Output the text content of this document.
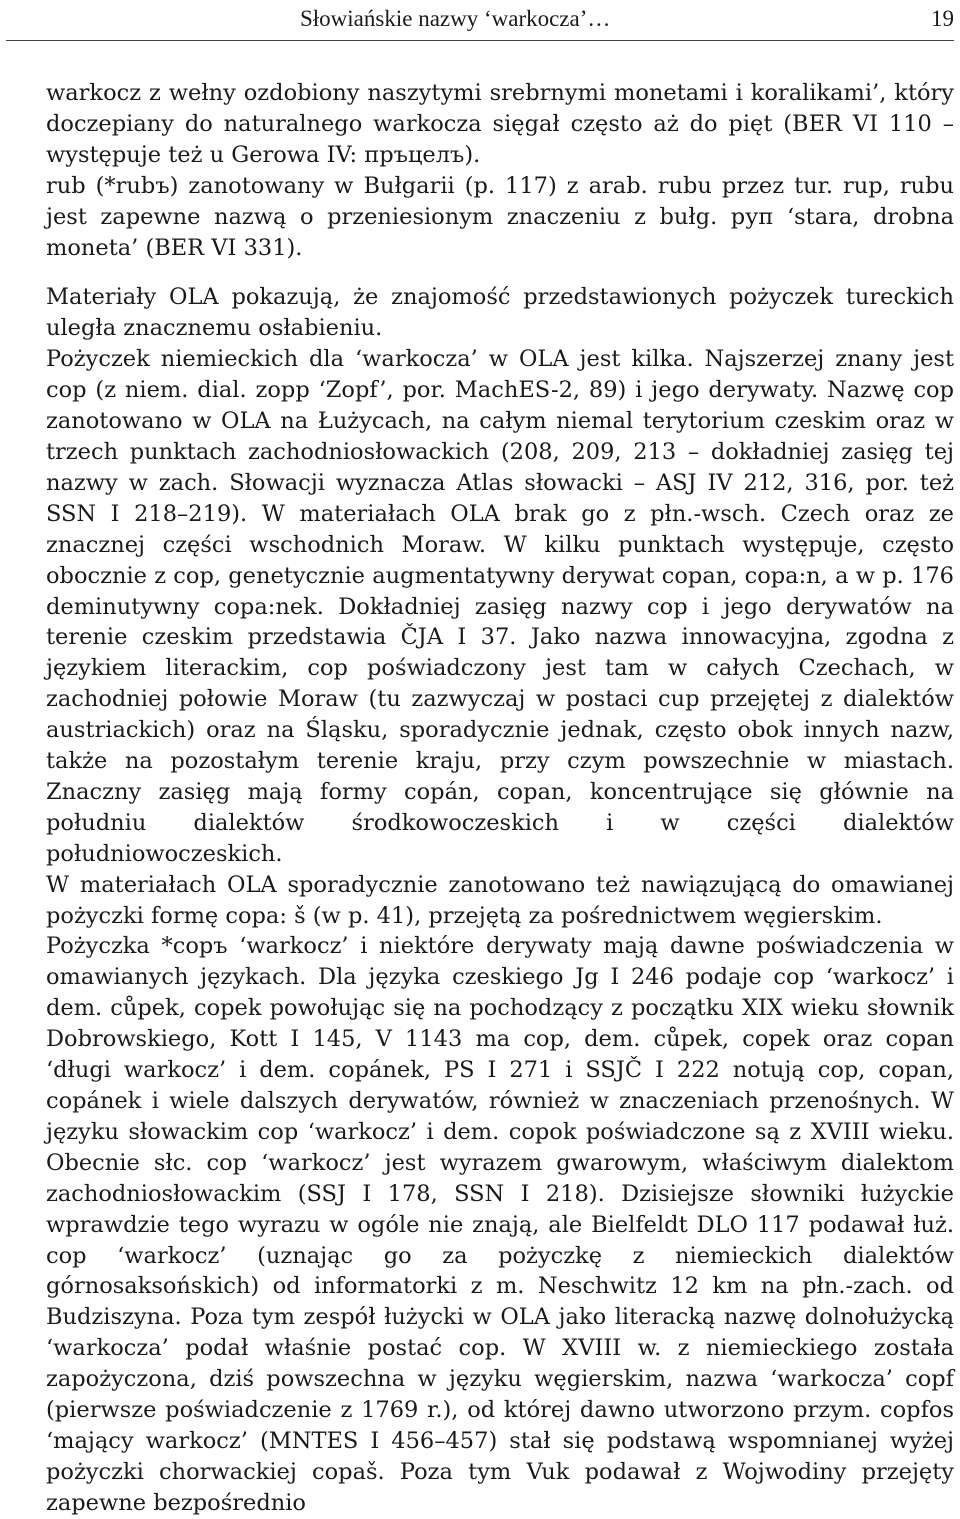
Słowiańskie nazwy ‘warkocza’…	19

warkocz z wełny ozdobiony naszytymi srebrnymi monetami i koralikami’, który doczepiany do naturalnego warkocza sięgał często aż do pięt (BER VI 110 – występuje też u Gerowa IV: пръцелъ).

rub (*rubъ) zanotowany w Bułgarii (p. 117) z arab. rubu przez tur. rup, rubu jest zapewne nazwą o przeniesionym znaczeniu z bułg. руп ‘stara, drobna moneta’ (BER VI 331).

Materiały OLA pokazują, że znajomość przedstawionych pożyczek tureckich uległa znacznemu osłabieniu.

Pożyczek niemieckich dla ‘warkocza’ w OLA jest kilka. Najszerzej znany jest cop (z niem. dial. zopp ‘Zopf’, por. MachES-2, 89) i jego derywaty. Nazwę cop zanotowano w OLA na Łużycach, na całym niemal terytorium czeskim oraz w trzech punktach zachodniosłowackich (208, 209, 213 – dokładniej zasięg tej nazwy w zach. Słowacji wyznacza Atlas słowacki – ASJ IV 212, 316, por. też SSN I 218–219). W materiałach OLA brak go z płn.-wsch. Czech oraz ze znacznej części wschodnich Moraw. W kilku punktach występuje, często obocznie z cop, genetycznie augmentatywny derywat copan, copa:n, a w p. 176 deminutywny copa:nek. Dokładniej zasięg nazwy cop i jego derywatów na terenie czeskim przedstawia ČJA I 37. Jako nazwa innowacyjna, zgodna z językiem literackim, cop poświadczony jest tam w całych Czechach, w zachodniej połowie Moraw (tu zazwyczaj w postaci cup przejętej z dialektów austriackich) oraz na Śląsku, sporadycznie jednak, często obok innych nazw, także na pozostałym terenie kraju, przy czym powszechnie w miastach. Znaczny zasięg mają formy copán, copan, koncentrujące się głównie na południu dialektów środkowoczeskich i w części dialektów południowoczeskich.

W materiałach OLA sporadycznie zanotowano też nawiązującą do omawianej pożyczki formę copa: š (w p. 41), przejętą za pośrednictwem węgierskim.

Pożyczka *copъ ‘warkocz’ i niektóre derywaty mają dawne poświadczenia w omawianych językach. Dla języka czeskiego Jg I 246 podaje cop ‘warkocz’ i dem. cůpek, copek powołując się na pochodzący z początku XIX wieku słownik Dobrowskiego, Kott I 145, V 1143 ma cop, dem. cůpek, copek oraz copan ‘długi warkocz’ i dem. copánek, PS I 271 i SSJČ I 222 notują cop, copan, copánek i wiele dalszych derywatów, również w znaczeniach przenośnych. W języku słowackim cop ‘warkocz’ i dem. copok poświadczone są z XVIII wieku. Obecnie słc. cop ‘warkocz’ jest wyrazem gwarowym, właściwym dialektom zachodniosłowackim (SSJ I 178, SSN I 218). Dzisiejsze słowniki łużyckie wprawdzie tego wyrazu w ogóle nie znają, ale Bielfeldt DLO 117 podawał łuż. cop ‘warkocz’ (uznając go za pożyczkę z niemieckich dialektów górnosaksońskich) od informatorki z m. Neschwitz 12 km na płn.-zach. od Budziszyna. Poza tym zespół łużycki w OLA jako literacką nazwę dolnołużycką ‘warkocza’ podał właśnie postać cop. W XVIII w. z niemieckiego została zapożyczona, dziś powszechna w języku węgierskim, nazwa ‘warkocza’ copf (pierwsze poświadczenie z 1769 r.), od której dawno utworzono przym. copfos ‘mający warkocz’ (MNTES I 456–457) stał się podstawą wspomnianej wyżej pożyczki chorwackiej copaš. Poza tym Vuk podawał z Wojwodiny przejęty zapewne bezpośrednio
